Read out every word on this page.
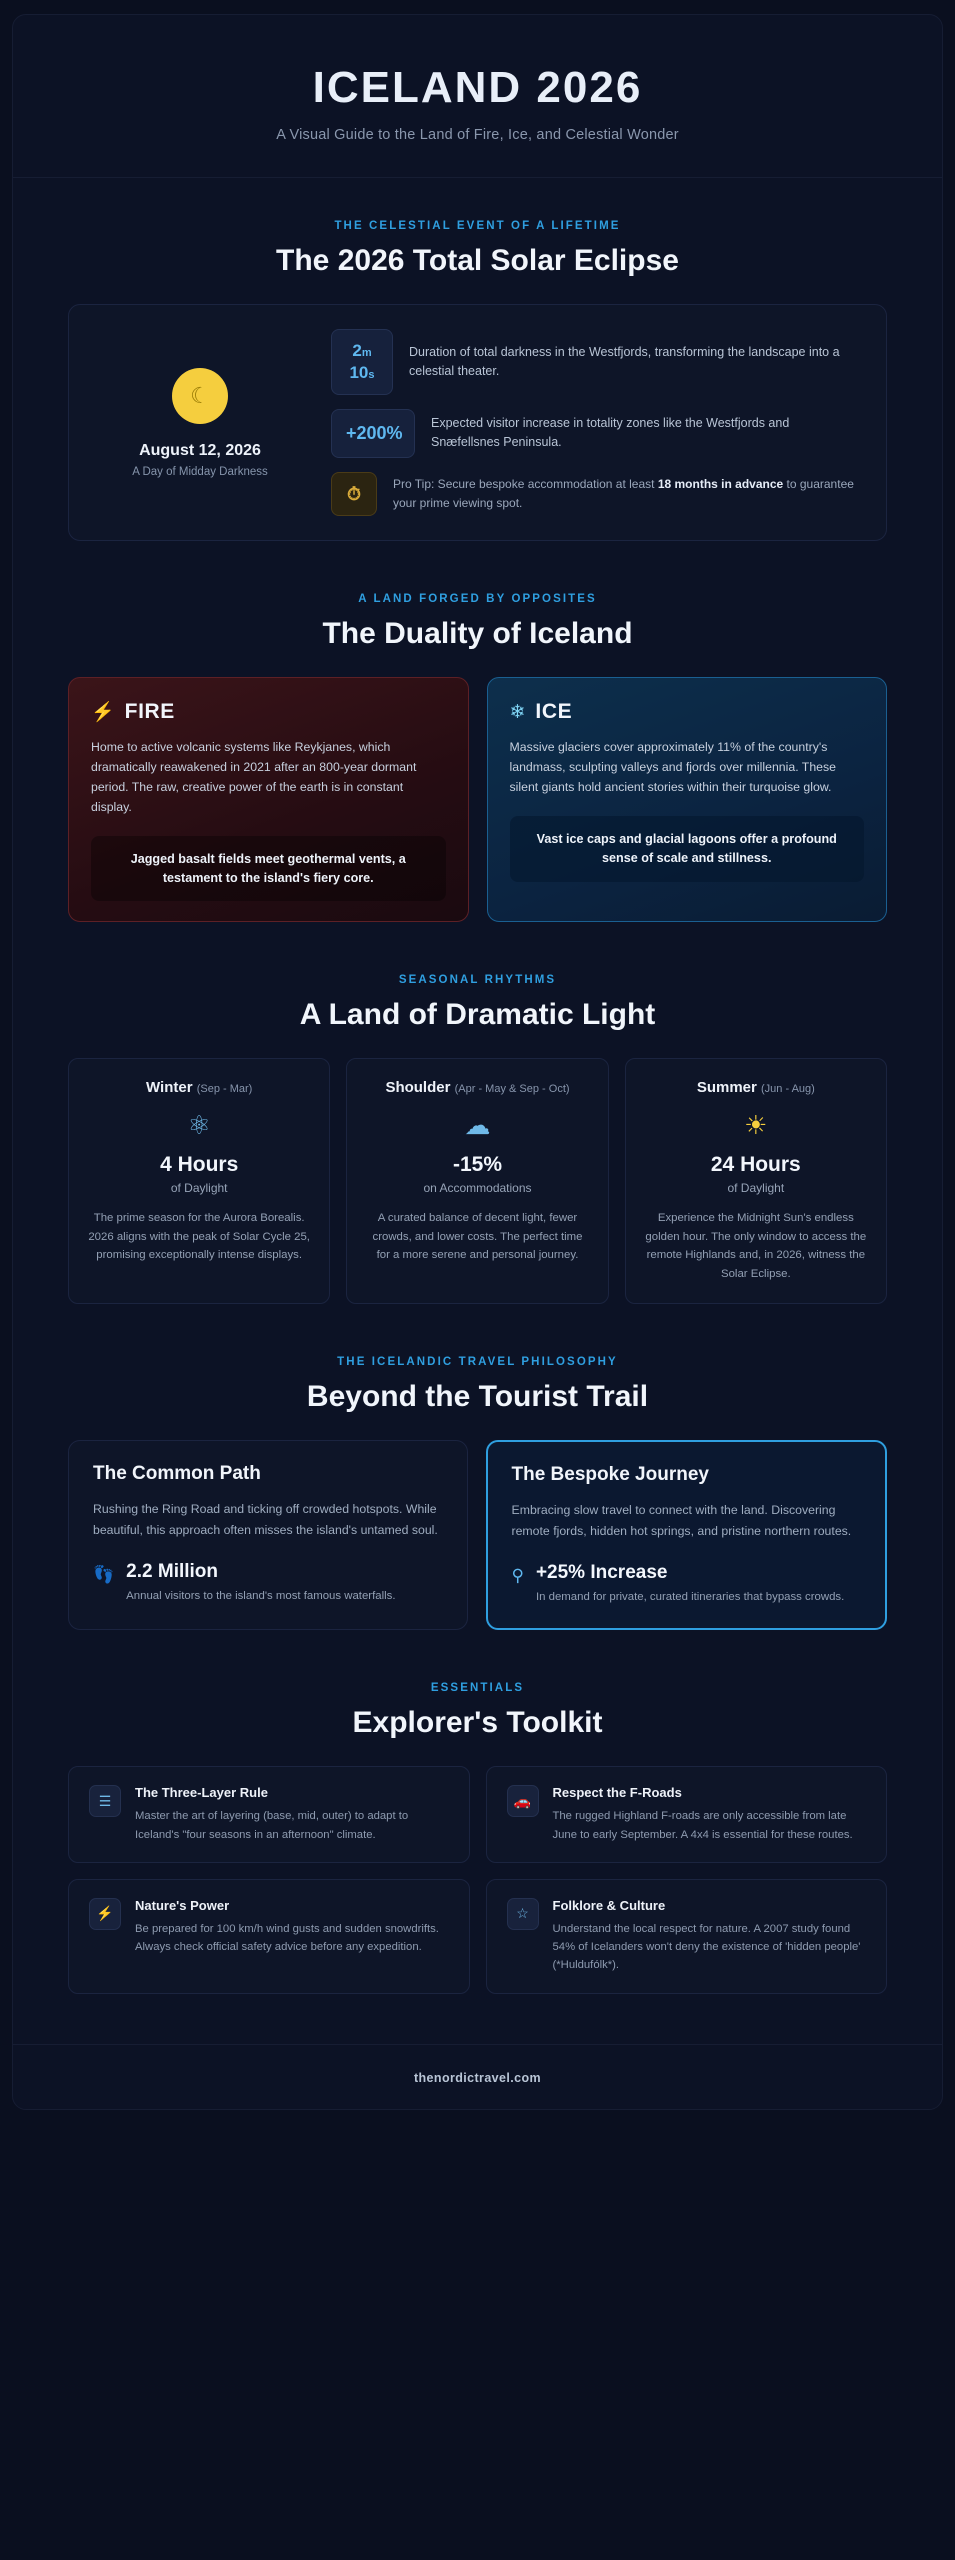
ICELAND 2026

A Visual Guide to the Land of Fire, Ice, and Celestial Wonder

THE CELESTIAL EVENT OF A LIFETIME
The 2026 Total Solar Eclipse
☾
August 12, 2026
A Day of Midday Darkness
2m
10s
Duration of total darkness in the Westfjords, transforming the landscape into a celestial theater.
+200%
Expected visitor increase in totality zones like the Westfjords and Snæfellsnes Peninsula.
⏱	Pro Tip: Secure bespoke accommodation at least 18 months in advance to guarantee your prime viewing spot.
A LAND FORGED BY OPPOSITES
The Duality of Iceland
⚡ FIRE
Home to active volcanic systems like Reykjanes, which dramatically reawakened in 2021 after an 800-year dormant period. The raw, creative power of the earth is in constant display.
Jagged basalt fields meet geothermal vents, a testament to the island's fiery core.
❄ ICE
Massive glaciers cover approximately 11% of the country's landmass, sculpting valleys and fjords over millennia. These silent giants hold ancient stories within their turquoise glow.
Vast ice caps and glacial lagoons offer a profound sense of scale and stillness.
SEASONAL RHYTHMS
A Land of Dramatic Light
Winter (Sep - Mar)
⚛
4 Hours
of Daylight
The prime season for the Aurora Borealis. 2026 aligns with the peak of Solar Cycle 25, promising exceptionally intense displays.
Shoulder (Apr - May & Sep - Oct)
☁
-15%
on Accommodations
A curated balance of decent light, fewer crowds, and lower costs. The perfect time for a more serene and personal journey.
Summer (Jun - Aug)
☀
24 Hours
of Daylight
Experience the Midnight Sun's endless golden hour. The only window to access the remote Highlands and, in 2026, witness the Solar Eclipse.
THE ICELANDIC TRAVEL PHILOSOPHY
Beyond the Tourist Trail
The Common Path
Rushing the Ring Road and ticking off crowded hotspots. While beautiful, this approach often misses the island's untamed soul.
👣 2.2 Million
Annual visitors to the island's most famous waterfalls.
The Bespoke Journey
Embracing slow travel to connect with the land. Discovering remote fjords, hidden hot springs, and pristine northern routes.
⚲ +25% Increase
In demand for private, curated itineraries that bypass crowds.
ESSENTIALS
Explorer's Toolkit
☰	The Three-Layer Rule

Master the art of layering (base, mid, outer) to adapt to Iceland's "four seasons in an afternoon" climate.

🚗	Respect the F-Roads

The rugged Highland F-roads are only accessible from late June to early September. A 4x4 is essential for these routes.

⚡	Nature's Power

Be prepared for 100 km/h wind gusts and sudden snowdrifts. Always check official safety advice before any expedition.

☆	Folklore & Culture

Understand the local respect for nature. A 2007 study found 54% of Icelanders won't deny the existence of 'hidden people' (*Huldufólk*).

thenordictravel.com
